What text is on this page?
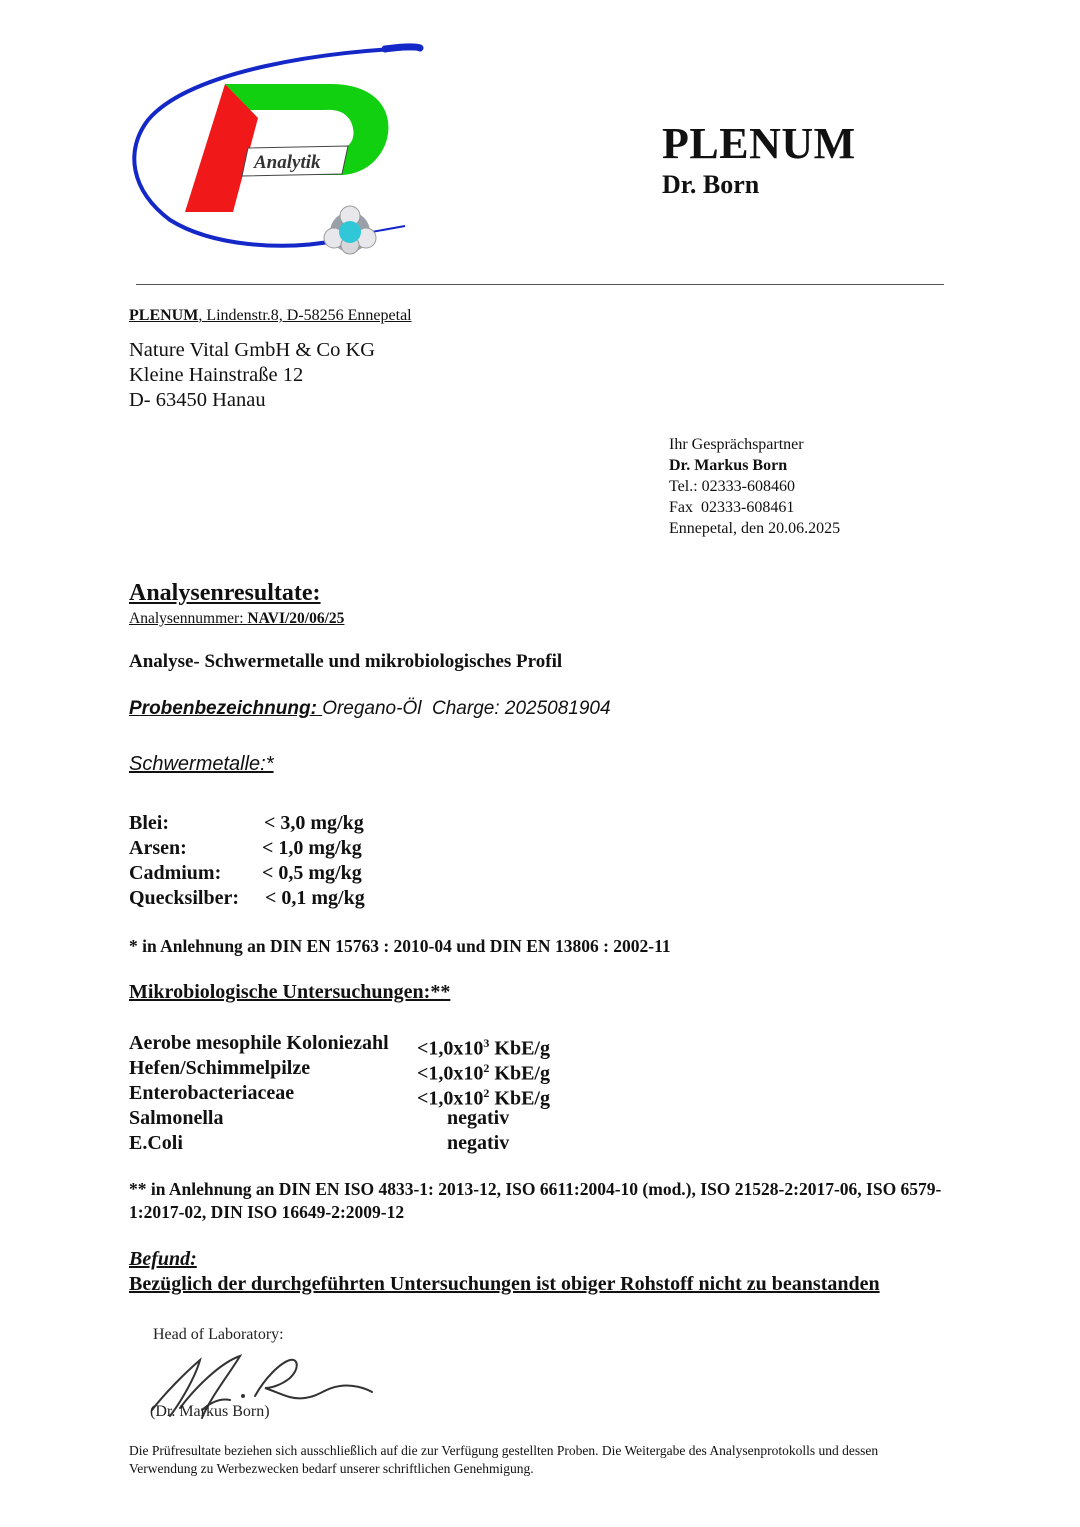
Analytik	PLENUM
Dr. Born
PLENUM, Lindenstr.8, D-58256 Ennepetal
Nature Vital GmbH & Co KG
Kleine Hainstraße 12
D- 63450 Hanau
Ihr Gesprächspartner
Dr. Markus Born
Tel.: 02333-608460
Fax  02333-608461
Ennepetal, den 20.06.2025
Analysenresultate:
Analysennummer: NAVI/20/06/25
Analyse- Schwermetalle und mikrobiologisches Profil
Probenbezeichnung: Oregano-Öl  Charge: 2025081904
Schwermetalle:*
Blei:	< 3,0 mg/kg
Arsen:	< 1,0 mg/kg
Cadmium: < 0,5 mg/kg
Quecksilber: < 0,1 mg/kg
* in Anlehnung an DIN EN 15763 : 2010-04 und DIN EN 13806 : 2002-11
Mikrobiologische Untersuchungen:**
Aerobe mesophile Koloniezahl $<1,0x10^3$ KbE/g
Hefen/Schimmelpilze	$<1,0x10^2$ KbE/g
Enterobacteriaceae	$<1,0x10^2$ KbE/g
Salmonella	negativ
E.Coli	negativ
** in Anlehnung an DIN EN ISO 4833-1: 2013-12, ISO 6611:2004-10 (mod.), ISO 21528-2:2017-06, ISO 6579-1:2017-02, DIN ISO 16649-2:2009-12
Befund:
Bezüglich der durchgeführten Untersuchungen ist obiger Rohstoff nicht zu beanstanden
Head of Laboratory:
(Dr. Markus Born)
Die Prüfresultate beziehen sich ausschließlich auf die zur Verfügung gestellten Proben. Die Weitergabe des Analysenprotokolls und dessen Verwendung zu Werbezwecken bedarf unserer schriftlichen Genehmigung.
